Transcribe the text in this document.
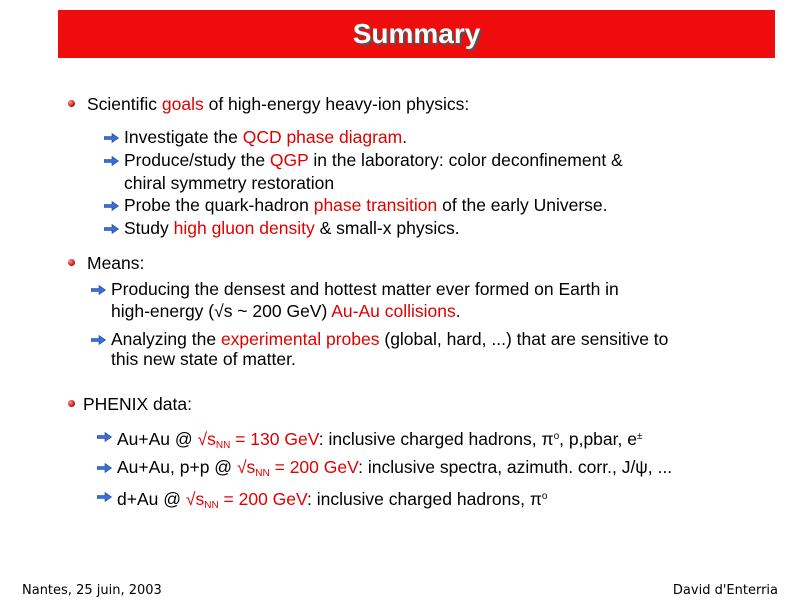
Summary
Scientific goals of high-energy heavy-ion physics:
Investigate the QCD phase diagram.
Produce/study the QGP in the laboratory: color deconfinement &
chiral symmetry restoration
Probe the quark-hadron phase transition of the early Universe.
Study high gluon density & small-x physics.
Means:
Producing the densest and hottest matter ever formed on Earth in
high-energy (√s ~ 200 GeV) Au-Au collisions.
Analyzing the experimental probes (global, hard, ...) that are sensitive to
this new state of matter.
PHENIX data:
Au+Au @ $√s_{NN} = 130$ GeV: inclusive charged hadrons, $\pi^o$, p,pbar, e±
Au+Au, p+p @ $√s_{NN} = 200$ GeV: inclusive spectra, azimuth. corr., J/ψ, ...
d+Au @ $√s_{NN} = 200$ GeV: inclusive charged hadrons, $\pi^o$
Nantes, 25 juin, 2003	David d'Enterria
